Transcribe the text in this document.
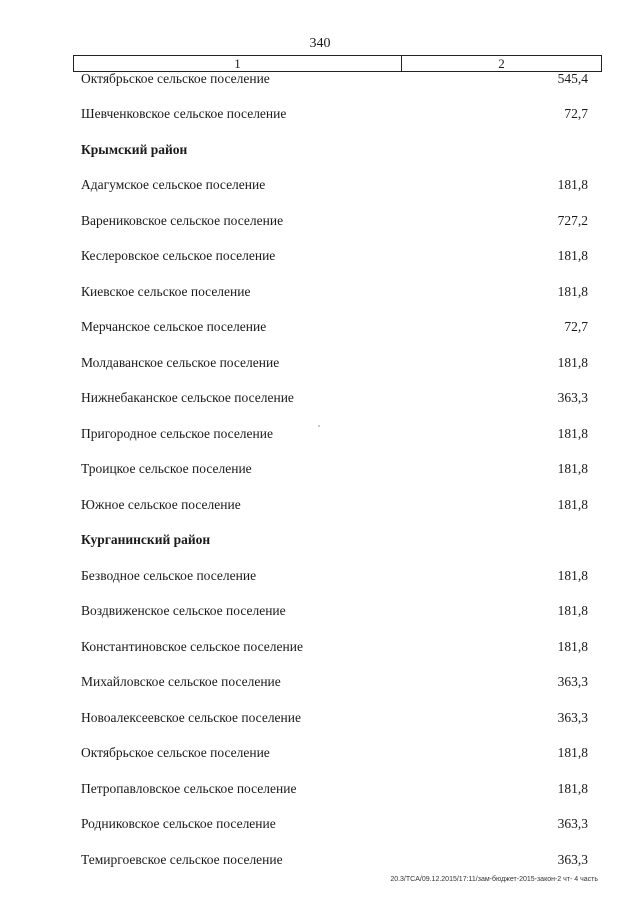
340
1	2
Октябрьское сельское поселение	545,4
Шевченковское сельское поселение	72,7
Крымский район
Адагумское сельское поселение	181,8
Варениковское сельское поселение	727,2
Кеслеровское сельское поселение	181,8
Киевское сельское поселение	181,8
Мерчанское сельское поселение	72,7
Молдаванское сельское поселение	181,8
Нижнебаканское сельское поселение	363,3
Пригородное сельское поселение	181,8
Троицкое сельское поселение	181,8
Южное сельское поселение	181,8
Курганинский район
Безводное сельское поселение	181,8
Воздвиженское сельское поселение	181,8
Константиновское сельское поселение	181,8
Михайловское сельское поселение	363,3
Новоалексеевское сельское поселение	363,3
Октябрьское сельское поселение	181,8
Петропавловское сельское поселение	181,8
Родниковское сельское поселение	363,3
Темиргоевское сельское поселение	363,3
20.3/TCA/09.12.2015/17:11/зам-бюджет-2015-закон-2 чт- 4 часть
